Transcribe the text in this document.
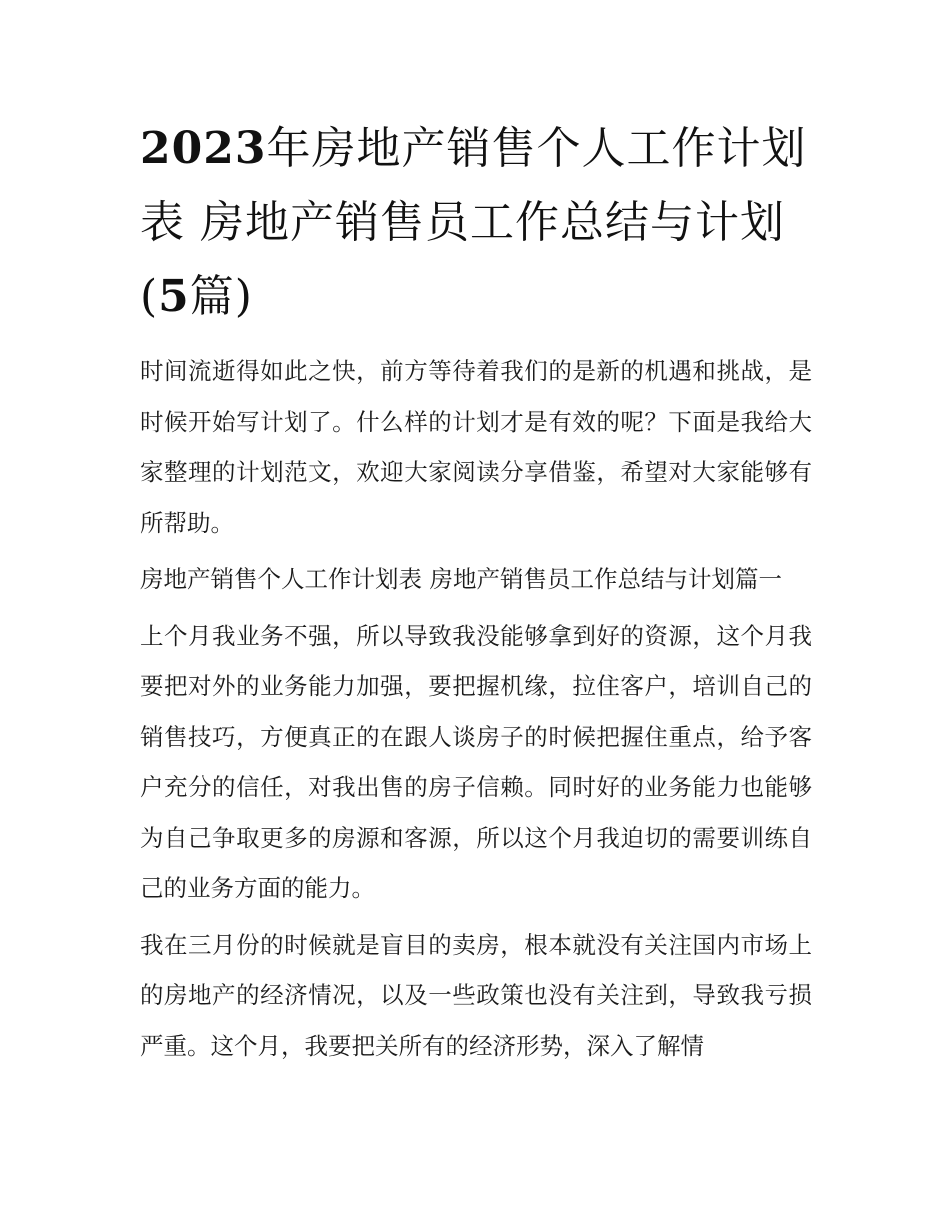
2023年房地产销售个人工作计划表 房地产销售员工作总结与计划(5篇)

时间流逝得如此之快，前方等待着我们的是新的机遇和挑战，是时候开始写计划了。什么样的计划才是有效的呢？下面是我给大家整理的计划范文，欢迎大家阅读分享借鉴，希望对大家能够有所帮助。

房地产销售个人工作计划表 房地产销售员工作总结与计划篇一

上个月我业务不强，所以导致我没能够拿到好的资源，这个月我要把对外的业务能力加强，要把握机缘，拉住客户，培训自己的销售技巧，方便真正的在跟人谈房子的时候把握住重点，给予客户充分的信任，对我出售的房子信赖。同时好的业务能力也能够为自己争取更多的房源和客源，所以这个月我迫切的需要训练自己的业务方面的能力。

我在三月份的时候就是盲目的卖房，根本就没有关注国内市场上的房地产的经济情况，以及一些政策也没有关注到，导致我亏损严重。这个月，我要把关所有的经济形势，深入了解情
